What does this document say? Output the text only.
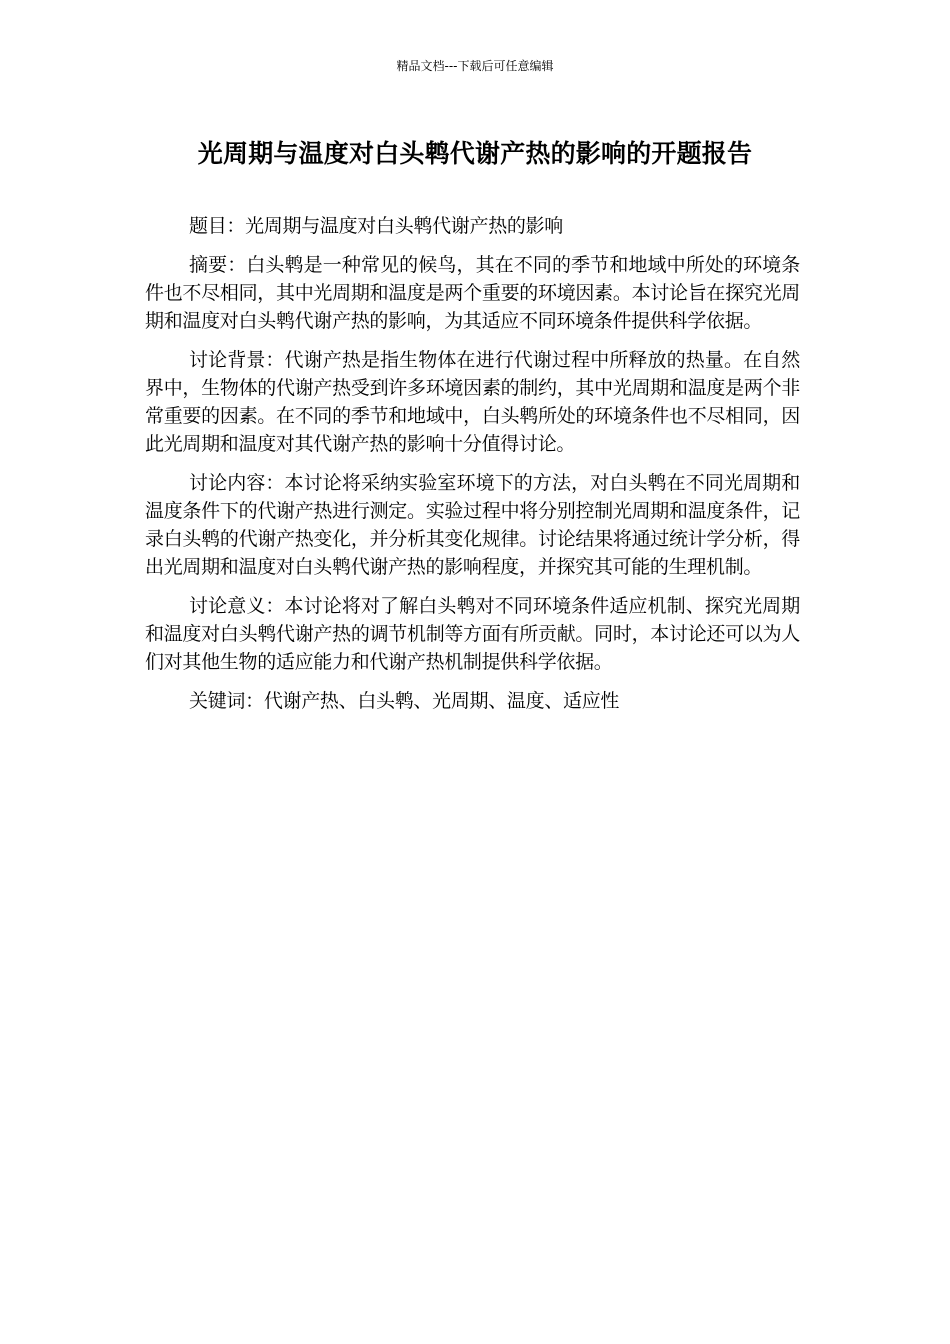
精品文档---下载后可任意编辑
光周期与温度对白头鹎代谢产热的影响的开题报告

题目：光周期与温度对白头鹎代谢产热的影响

摘要：白头鹎是一种常见的候鸟，其在不同的季节和地域中所处的环境条件也不尽相同，其中光周期和温度是两个重要的环境因素。本讨论旨在探究光周期和温度对白头鹎代谢产热的影响，为其适应不同环境条件提供科学依据。

讨论背景：代谢产热是指生物体在进行代谢过程中所释放的热量。在自然界中，生物体的代谢产热受到许多环境因素的制约，其中光周期和温度是两个非常重要的因素。在不同的季节和地域中，白头鹎所处的环境条件也不尽相同，因此光周期和温度对其代谢产热的影响十分值得讨论。

讨论内容：本讨论将采纳实验室环境下的方法，对白头鹎在不同光周期和温度条件下的代谢产热进行测定。实验过程中将分别控制光周期和温度条件，记录白头鹎的代谢产热变化，并分析其变化规律。讨论结果将通过统计学分析，得出光周期和温度对白头鹎代谢产热的影响程度，并探究其可能的生理机制。

讨论意义：本讨论将对了解白头鹎对不同环境条件适应机制、探究光周期和温度对白头鹎代谢产热的调节机制等方面有所贡献。同时，本讨论还可以为人们对其他生物的适应能力和代谢产热机制提供科学依据。

关键词：代谢产热、白头鹎、光周期、温度、适应性
